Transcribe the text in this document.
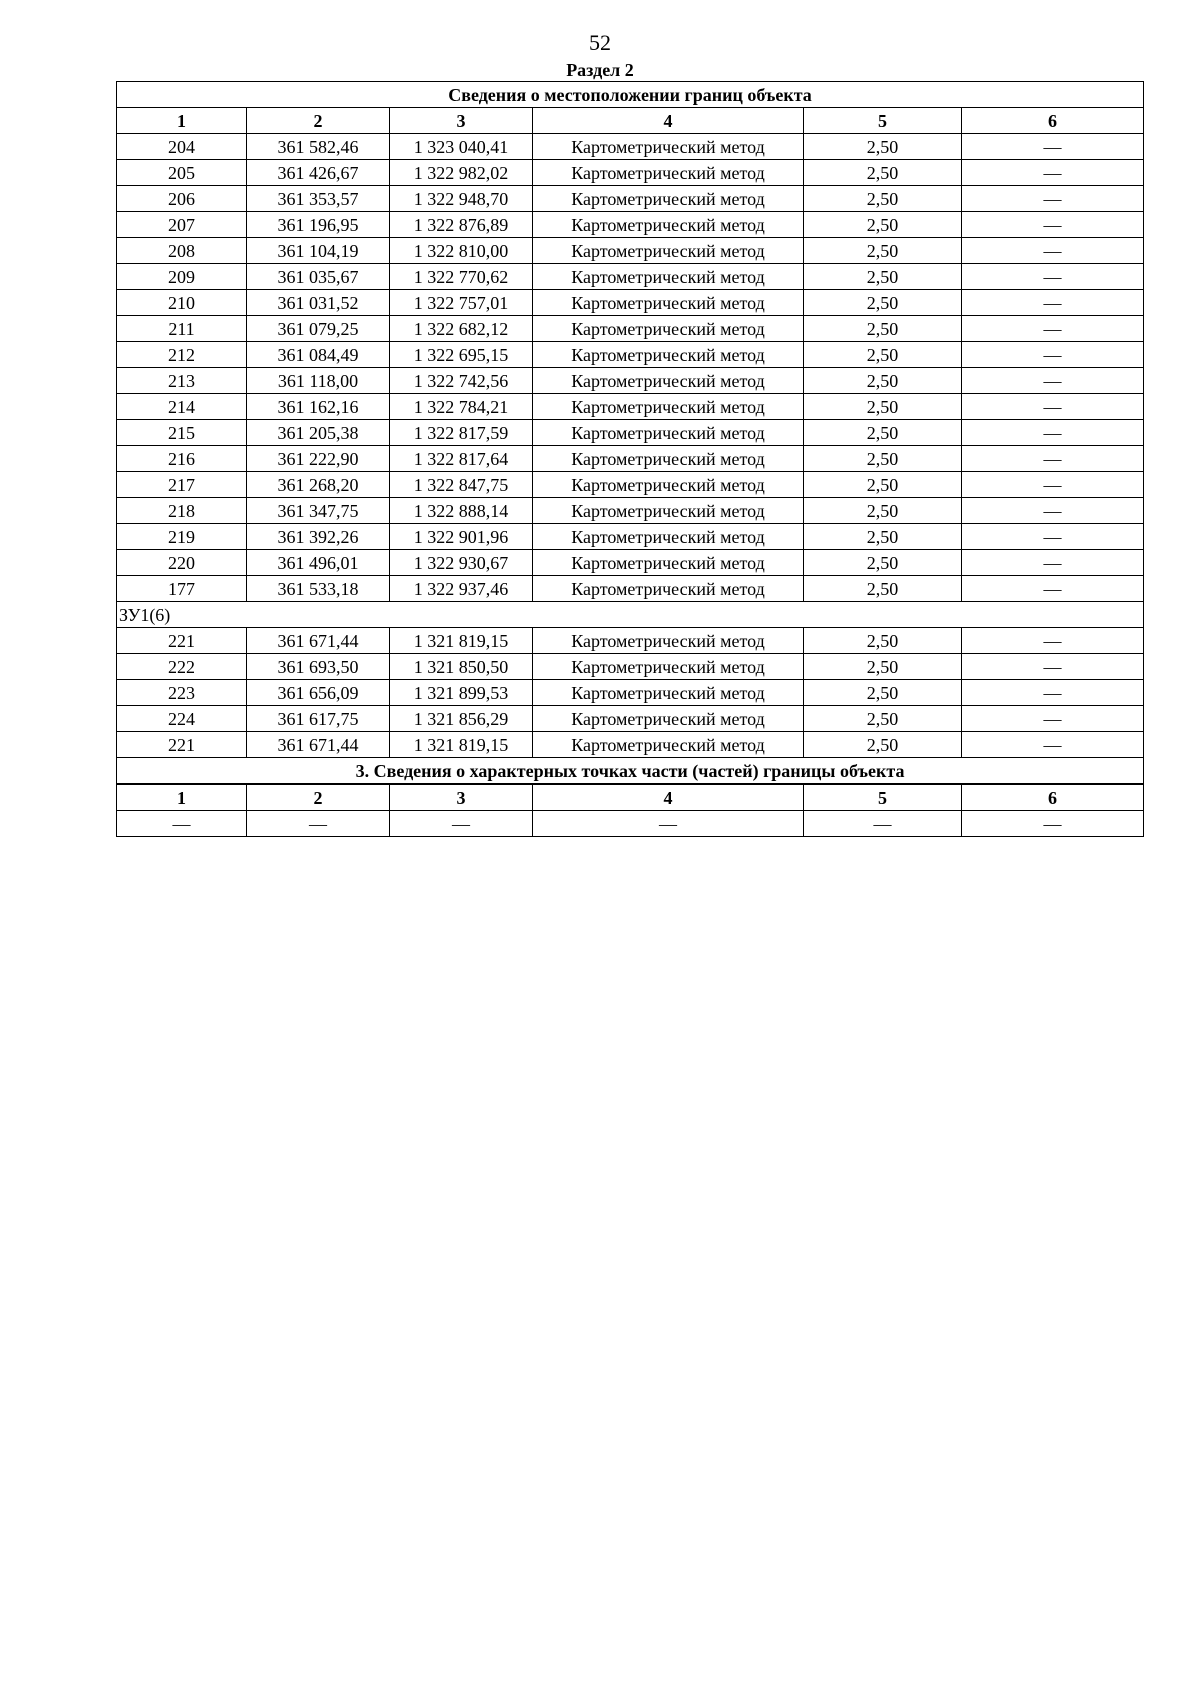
52
Раздел 2
Сведения о местоположении границ объекта					
1	2	3	4	5	6
204	361 582,46	1 323 040,41	Картометрический метод	2,50	—
205	361 426,67	1 322 982,02	Картометрический метод	2,50	—
206	361 353,57	1 322 948,70	Картометрический метод	2,50	—
207	361 196,95	1 322 876,89	Картометрический метод	2,50	—
208	361 104,19	1 322 810,00	Картометрический метод	2,50	—
209	361 035,67	1 322 770,62	Картометрический метод	2,50	—
210	361 031,52	1 322 757,01	Картометрический метод	2,50	—
211	361 079,25	1 322 682,12	Картометрический метод	2,50	—
212	361 084,49	1 322 695,15	Картометрический метод	2,50	—
213	361 118,00	1 322 742,56	Картометрический метод	2,50	—
214	361 162,16	1 322 784,21	Картометрический метод	2,50	—
215	361 205,38	1 322 817,59	Картометрический метод	2,50	—
216	361 222,90	1 322 817,64	Картометрический метод	2,50	—
217	361 268,20	1 322 847,75	Картометрический метод	2,50	—
218	361 347,75	1 322 888,14	Картометрический метод	2,50	—
219	361 392,26	1 322 901,96	Картометрический метод	2,50	—
220	361 496,01	1 322 930,67	Картометрический метод	2,50	—
177	361 533,18	1 322 937,46	Картометрический метод	2,50	—
ЗУ1(6)					
221	361 671,44	1 321 819,15	Картометрический метод	2,50	—
222	361 693,50	1 321 850,50	Картометрический метод	2,50	—
223	361 656,09	1 321 899,53	Картометрический метод	2,50	—
224	361 617,75	1 321 856,29	Картометрический метод	2,50	—
221	361 671,44	1 321 819,15	Картометрический метод	2,50	—
3. Сведения о характерных точках части (частей) границы объекта					
1	2	3	4	5	6
—	—	—	—	—	—
